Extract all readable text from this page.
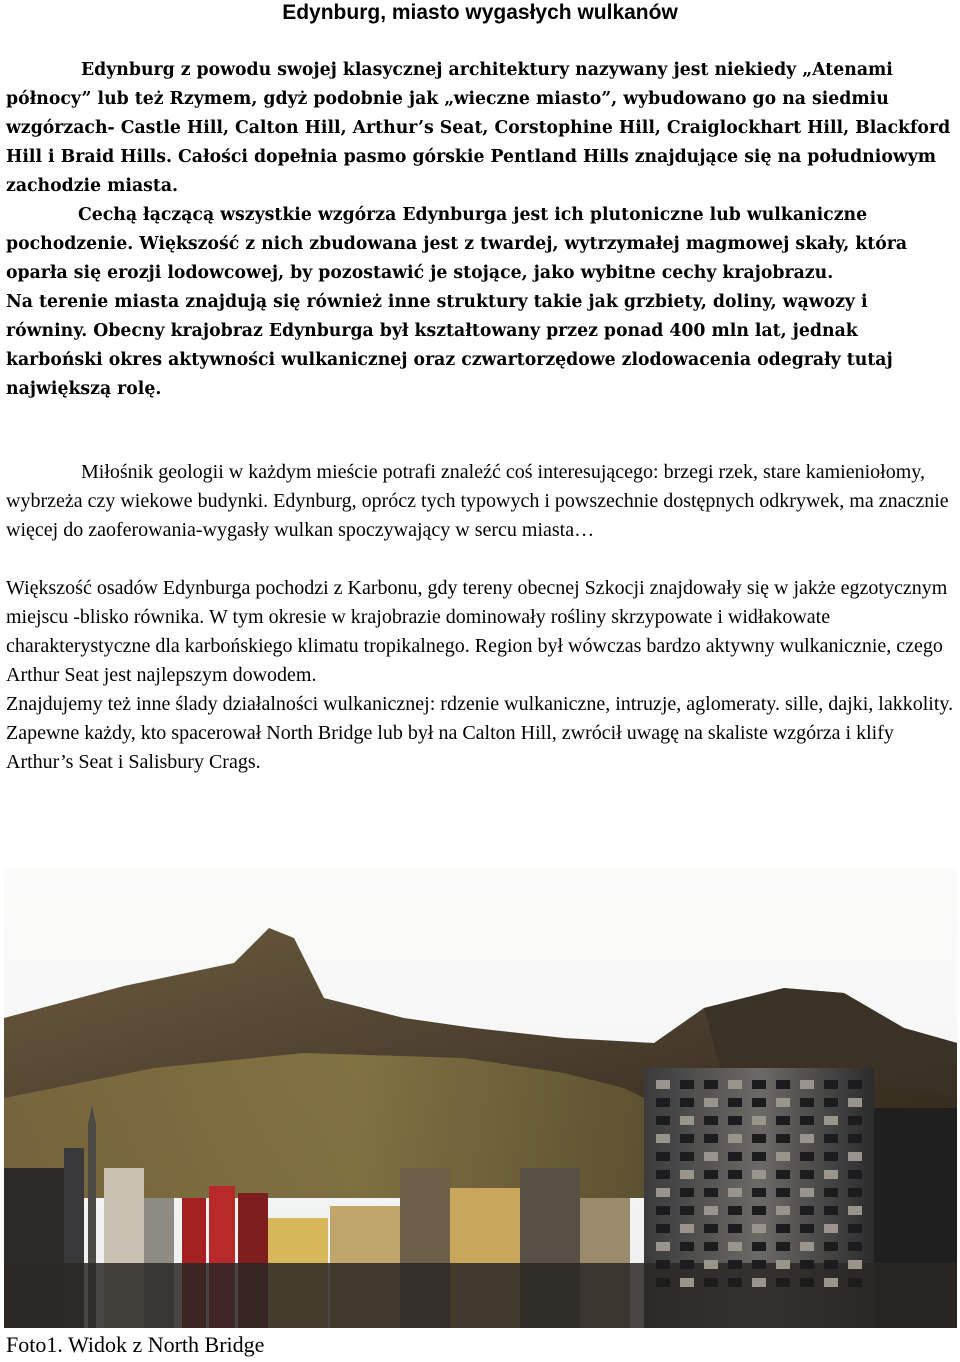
Edynburg, miasto wygasłych wulkanów

Edynburg z powodu swojej klasycznej architektury nazywany jest niekiedy „Atenami północy” lub też Rzymem, gdyż podobnie jak „wieczne miasto”, wybudowano go na siedmiu wzgórzach- Castle Hill, Calton Hill, Arthur’s Seat, Corstophine Hill, Craiglockhart Hill, Blackford Hill i Braid Hills. Całości dopełnia pasmo górskie Pentland Hills znajdujące się na południowym zachodzie miasta.

Cechą łączącą wszystkie wzgórza Edynburga jest ich plutoniczne lub wulkaniczne pochodzenie. Większość z nich zbudowana jest z twardej, wytrzymałej magmowej skały, która oparła się erozji lodowcowej, by pozostawić je stojące, jako wybitne cechy krajobrazu.

Na terenie miasta znajdują się również inne struktury takie jak grzbiety, doliny, wąwozy i równiny. Obecny krajobraz Edynburga był kształtowany przez ponad 400 mln lat, jednak karboński okres aktywności wulkanicznej oraz czwartorzędowe zlodowacenia odegrały tutaj największą rolę.

Miłośnik geologii w każdym mieście potrafi znaleźć coś interesującego: brzegi rzek, stare kamieniołomy, wybrzeża czy wiekowe budynki. Edynburg, oprócz tych typowych i powszechnie dostępnych odkrywek, ma znacznie więcej do zaoferowania-wygasły wulkan spoczywający w sercu miasta…

Większość osadów Edynburga pochodzi z Karbonu, gdy tereny obecnej Szkocji znajdowały się w jakże egzotycznym miejscu -blisko równika. W tym okresie w krajobrazie dominowały rośliny skrzypowate i widłakowate charakterystyczne dla karbońskiego klimatu tropikalnego. Region był wówczas bardzo aktywny wulkanicznie, czego Arthur Seat jest najlepszym dowodem.

Znajdujemy też inne ślady działalności wulkanicznej: rdzenie wulkaniczne, intruzje, aglomeraty. sille, dajki, lakkolity.

Zapewne każdy, kto spacerował North Bridge lub był na Calton Hill, zwrócił uwagę na skaliste wzgórza i klify Arthur’s Seat i Salisbury Crags.

Foto1. Widok z North Bridge
